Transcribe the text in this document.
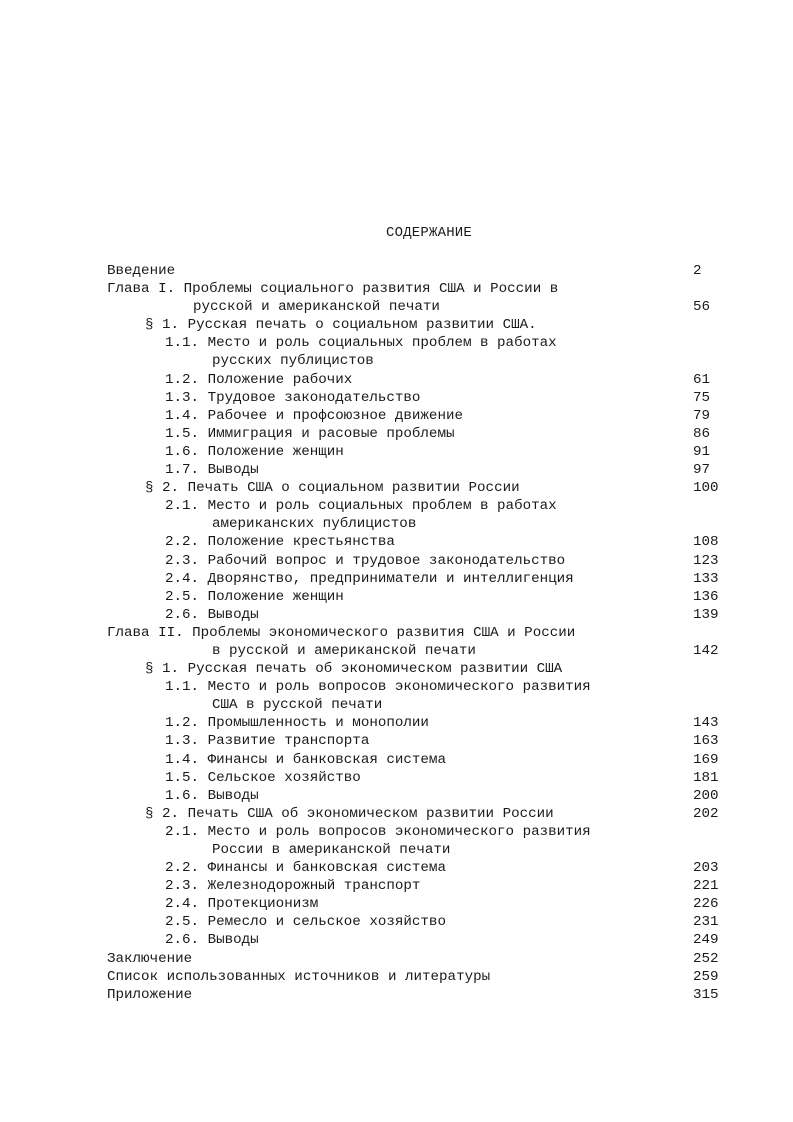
СОДЕРЖАНИЕ
Введение	2
Глава I. Проблемы социального развития США и России в
русской и американской печати	56
§ 1. Русская печать о социальном развитии США.
1.1. Место и роль социальных проблем в работах
русских публицистов
1.2. Положение рабочих	61
1.3. Трудовое законодательство	75
1.4. Рабочее и профсоюзное движение	79
1.5. Иммиграция и расовые проблемы	86
1.6. Положение женщин	91
1.7. Выводы	97
§ 2. Печать США о социальном развитии России	100
2.1. Место и роль социальных проблем в работах
американских публицистов
2.2. Положение крестьянства	108
2.3. Рабочий вопрос и трудовое законодательство	123
2.4. Дворянство, предприниматели и интеллигенция	133
2.5. Положение женщин	136
2.6. Выводы	139
Глава II. Проблемы экономического развития США и России
в русской и американской печати	142
§ 1. Русская печать об экономическом развитии США
1.1. Место и роль вопросов экономического развития
США в русской печати
1.2. Промышленность и монополии	143
1.3. Развитие транспорта	163
1.4. Финансы и банковская система	169
1.5. Сельское хозяйство	181
1.6. Выводы	200
§ 2. Печать США об экономическом развитии России	202
2.1. Место и роль вопросов экономического развития
России в американской печати
2.2. Финансы и банковская система	203
2.3. Железнодорожный транспорт	221
2.4. Протекционизм	226
2.5. Ремесло и сельское хозяйство	231
2.6. Выводы	249
Заключение	252
Список использованных источников и литературы	259
Приложение	315
